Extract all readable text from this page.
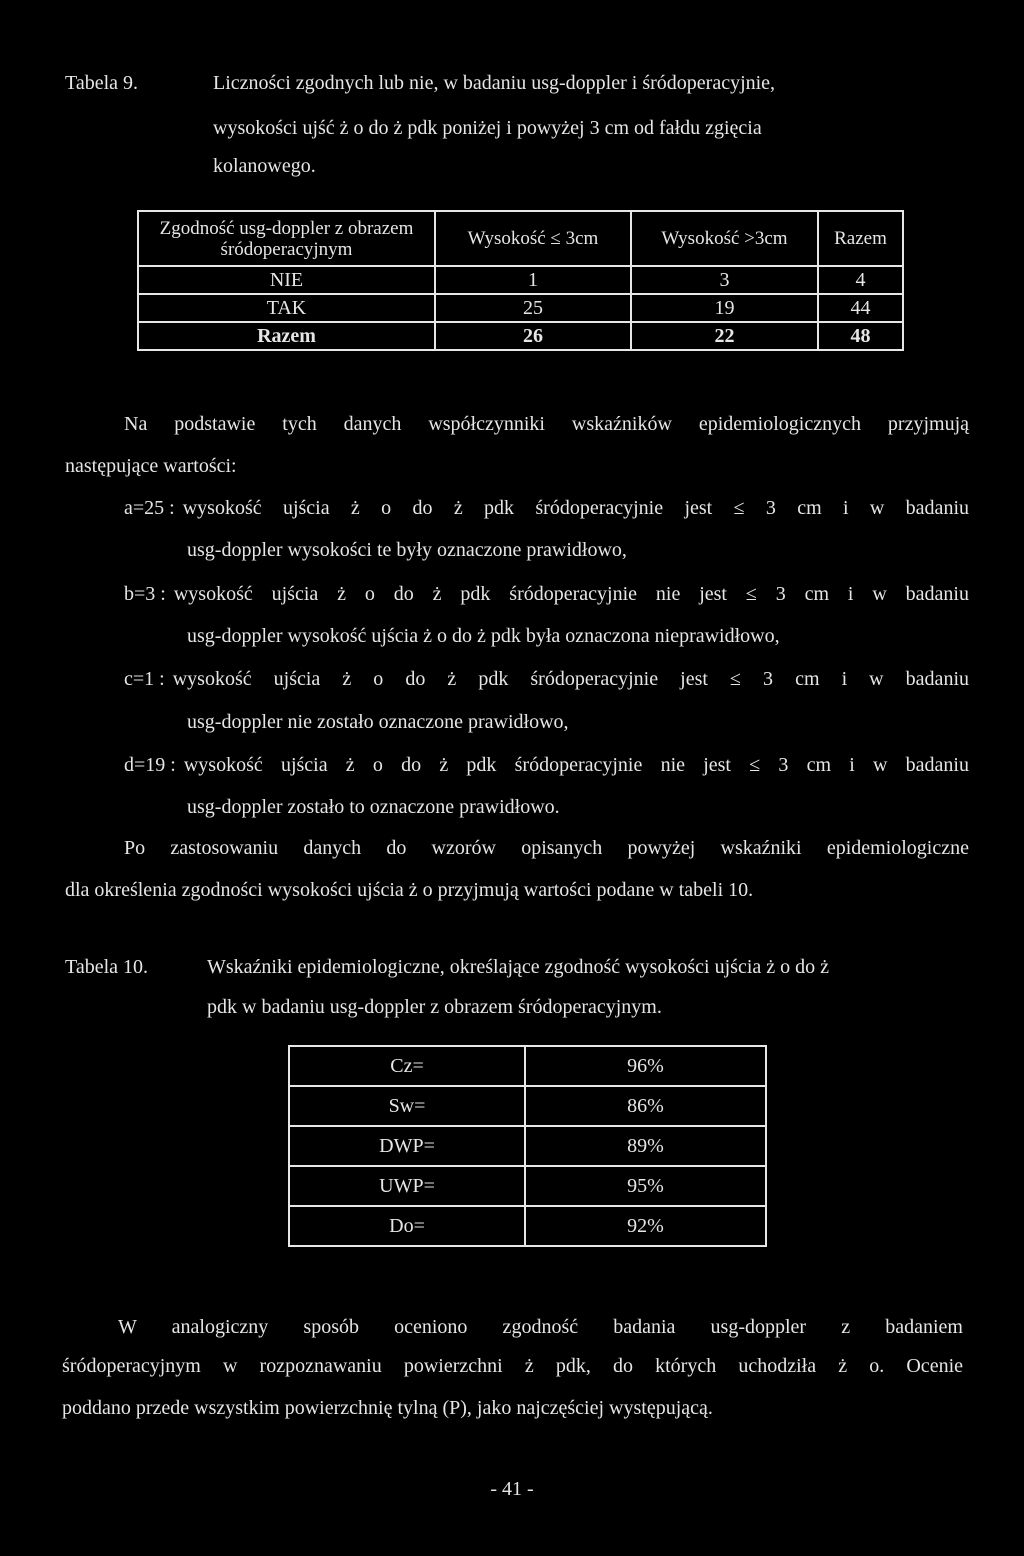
Tabela 9.	Liczności zgodnych lub nie, w badaniu usg-doppler i śródoperacyjnie,
wysokości ujść ż o do ż pdk poniżej i powyżej 3 cm od fałdu zgięcia
kolanowego.
Zgodność usg-doppler z obrazem śródoperacyjnym	Wysokość ≤ 3cm	Wysokość >3cm	Razem
NIE	1	3	4
TAK	25	19	44
Razem	26	22	48
Na podstawie tych danych współczynniki wskaźników epidemiologicznych przyjmują
następujące wartości:
a=25 : wysokość ujścia ż o do ż pdk śródoperacyjnie jest ≤ 3 cm i w badaniu
usg-doppler wysokości te były oznaczone prawidłowo,
b=3 : wysokość ujścia ż o do ż pdk śródoperacyjnie nie jest ≤ 3 cm i w badaniu
usg-doppler wysokość ujścia ż o do ż pdk była oznaczona nieprawidłowo,
c=1 : wysokość ujścia ż o do ż pdk śródoperacyjnie jest ≤ 3 cm i w badaniu
usg-doppler nie zostało oznaczone prawidłowo,
d=19 : wysokość ujścia ż o do ż pdk śródoperacyjnie nie jest ≤ 3 cm i w badaniu
usg-doppler zostało to oznaczone prawidłowo.
Po zastosowaniu danych do wzorów opisanych powyżej wskaźniki epidemiologiczne
dla określenia zgodności wysokości ujścia ż o przyjmują wartości podane w tabeli 10.
Tabela 10.	Wskaźniki epidemiologiczne, określające zgodność wysokości ujścia ż o do ż
pdk w badaniu usg-doppler z obrazem śródoperacyjnym.
Cz=	96%
Sw=	86%
DWP=	89%
UWP=	95%
Do=	92%
W analogiczny sposób oceniono zgodność badania usg-doppler z badaniem
śródoperacyjnym w rozpoznawaniu powierzchni ż pdk, do których uchodziła ż o. Ocenie
poddano przede wszystkim powierzchnię tylną (P), jako najczęściej występującą.
- 41 -
